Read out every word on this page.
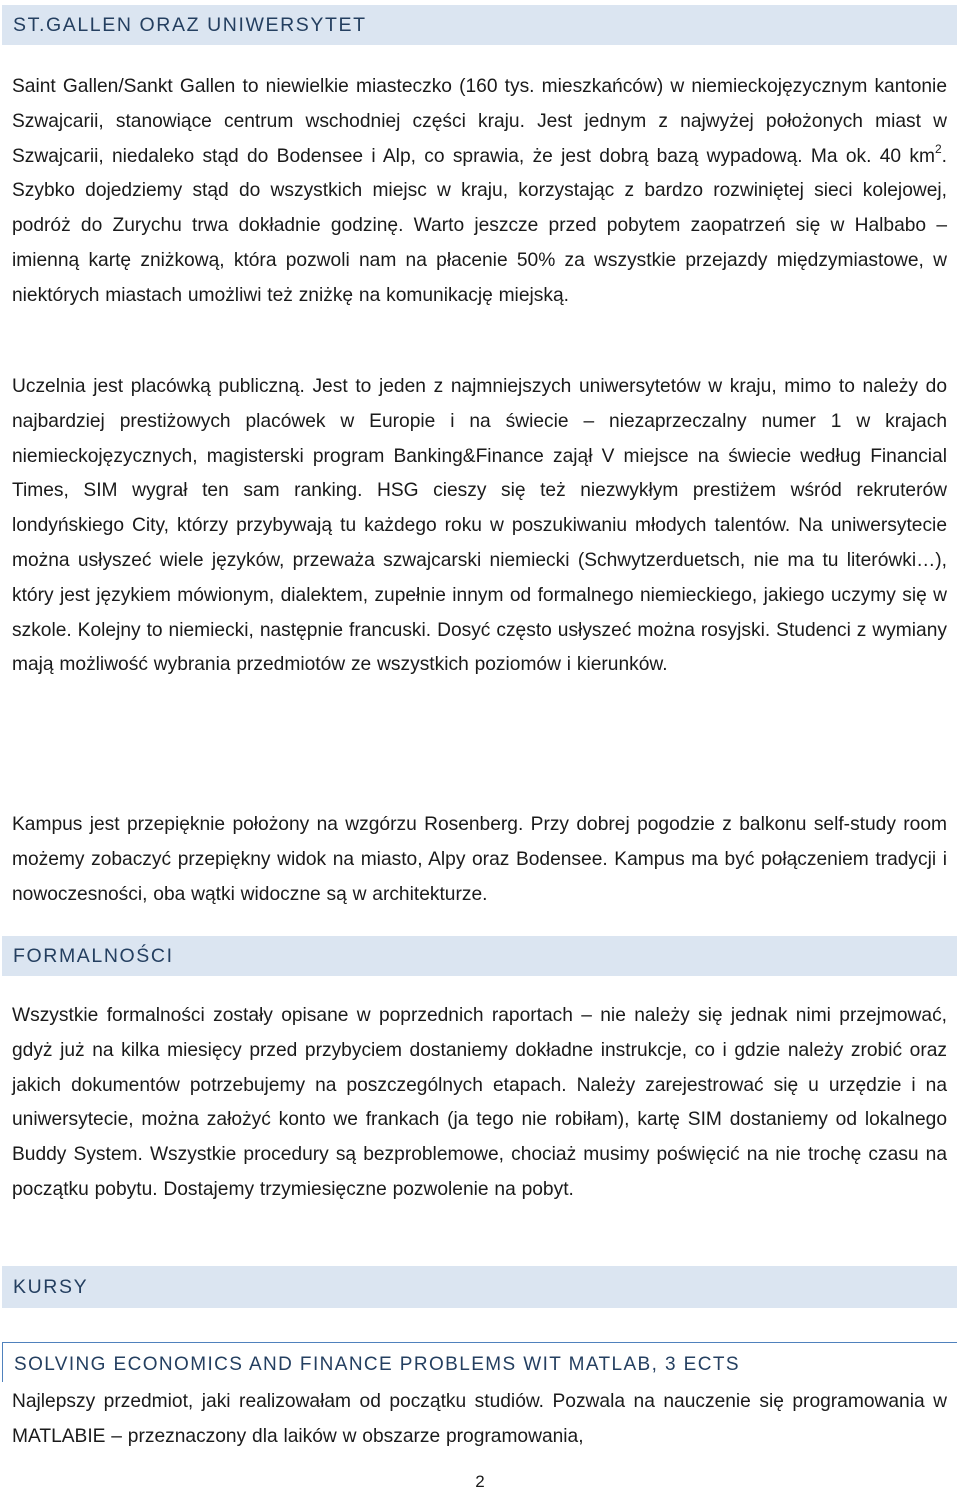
ST.GALLEN ORAZ UNIWERSYTET

Saint Gallen/Sankt Gallen to niewielkie miasteczko (160 tys. mieszkańców) w niemieckojęzycznym kantonie Szwajcarii, stanowiące centrum wschodniej części kraju. Jest jednym z najwyżej położonych miast w Szwajcarii, niedaleko stąd do Bodensee i Alp, co sprawia, że jest dobrą bazą wypadową. Ma ok. 40 $km^2$. Szybko dojedziemy stąd do wszystkich miejsc w kraju, korzystając z bardzo rozwiniętej sieci kolejowej, podróż do Zurychu trwa dokładnie godzinę. Warto jeszcze przed pobytem zaopatrzeń się w Halbabo – imienną kartę zniżkową, która pozwoli nam na płacenie 50% za wszystkie przejazdy międzymiastowe, w niektórych miastach umożliwi też zniżkę na komunikację miejską.

Uczelnia jest placówką publiczną. Jest to jeden z najmniejszych uniwersytetów w kraju, mimo to należy do najbardziej prestiżowych placówek w Europie i na świecie – niezaprzeczalny numer 1 w krajach niemieckojęzycznych, magisterski program Banking&Finance zajął V miejsce na świecie według Financial Times, SIM wygrał ten sam ranking. HSG cieszy się też niezwykłym prestiżem wśród rekruterów londyńskiego City, którzy przybywają tu każdego roku w poszukiwaniu młodych talentów. Na uniwersytecie można usłyszeć wiele języków, przeważa szwajcarski niemiecki (Schwytzerduetsch, nie ma tu literówki…), który jest językiem mówionym, dialektem, zupełnie innym od formalnego niemieckiego, jakiego uczymy się w szkole. Kolejny to niemiecki, następnie francuski. Dosyć często usłyszeć można rosyjski. Studenci z wymiany mają możliwość wybrania przedmiotów ze wszystkich poziomów i kierunków.

Kampus jest przepięknie położony na wzgórzu Rosenberg. Przy dobrej pogodzie z balkonu self-study room możemy zobaczyć przepiękny widok na miasto, Alpy oraz Bodensee. Kampus ma być połączeniem tradycji i nowoczesności, oba wątki widoczne są w architekturze.

FORMALNOŚCI

Wszystkie formalności zostały opisane w poprzednich raportach – nie należy się jednak nimi przejmować, gdyż już na kilka miesięcy przed przybyciem dostaniemy dokładne instrukcje, co i gdzie należy zrobić oraz jakich dokumentów potrzebujemy na poszczególnych etapach. Należy zarejestrować się u urzędzie i na uniwersytecie, można założyć konto we frankach (ja tego nie robiłam), kartę SIM dostaniemy od lokalnego Buddy System. Wszystkie procedury są bezproblemowe, chociaż musimy poświęcić na nie trochę czasu na początku pobytu. Dostajemy trzymiesięczne pozwolenie na pobyt.

KURSY
SOLVING ECONOMICS AND FINANCE PROBLEMS WIT MATLAB, 3 ECTS

Najlepszy przedmiot, jaki realizowałam od początku studiów. Pozwala na nauczenie się programowania w MATLABIE – przeznaczony dla laików w obszarze programowania,

2
